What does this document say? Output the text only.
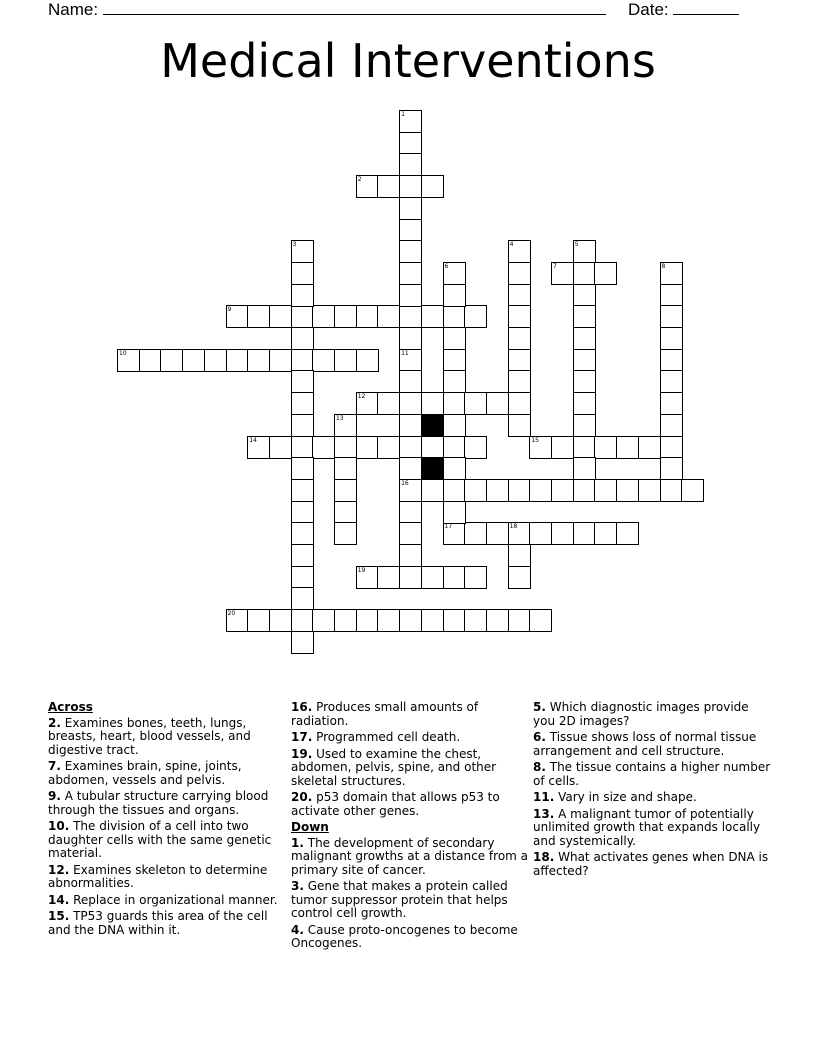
Name:	Date:
Medical Interventions
2
7
9
10
12
14	15
16
17	18
19
20
1
11
3	4	5
6	8
13
Across
2. Examines bones, teeth, lungs, breasts, heart, blood vessels, and digestive tract.
7. Examines brain, spine, joints, abdomen, vessels and pelvis.
9. A tubular structure carrying blood through the tissues and organs.
10. The division of a cell into two daughter cells with the same genetic material.
12. Examines skeleton to determine abnormalities.
14. Replace in organizational manner.
15. TP53 guards this area of the cell and the DNA within it.
16. Produces small amounts of radiation.
17. Programmed cell death.
19. Used to examine the chest, abdomen, pelvis, spine, and other skeletal structures.
20. p53 domain that allows p53 to activate other genes.
Down
1. The development of secondary malignant growths at a distance from a primary site of cancer.
3. Gene that makes a protein called tumor suppressor protein that helps control cell growth.
4. Cause proto-oncogenes to become Oncogenes.
5. Which diagnostic images provide you 2D images?
6. Tissue shows loss of normal tissue arrangement and cell structure.
8. The tissue contains a higher number of cells.
11. Vary in size and shape.
13. A malignant tumor of potentially unlimited growth that expands locally and systemically.
18. What activates genes when DNA is affected?
